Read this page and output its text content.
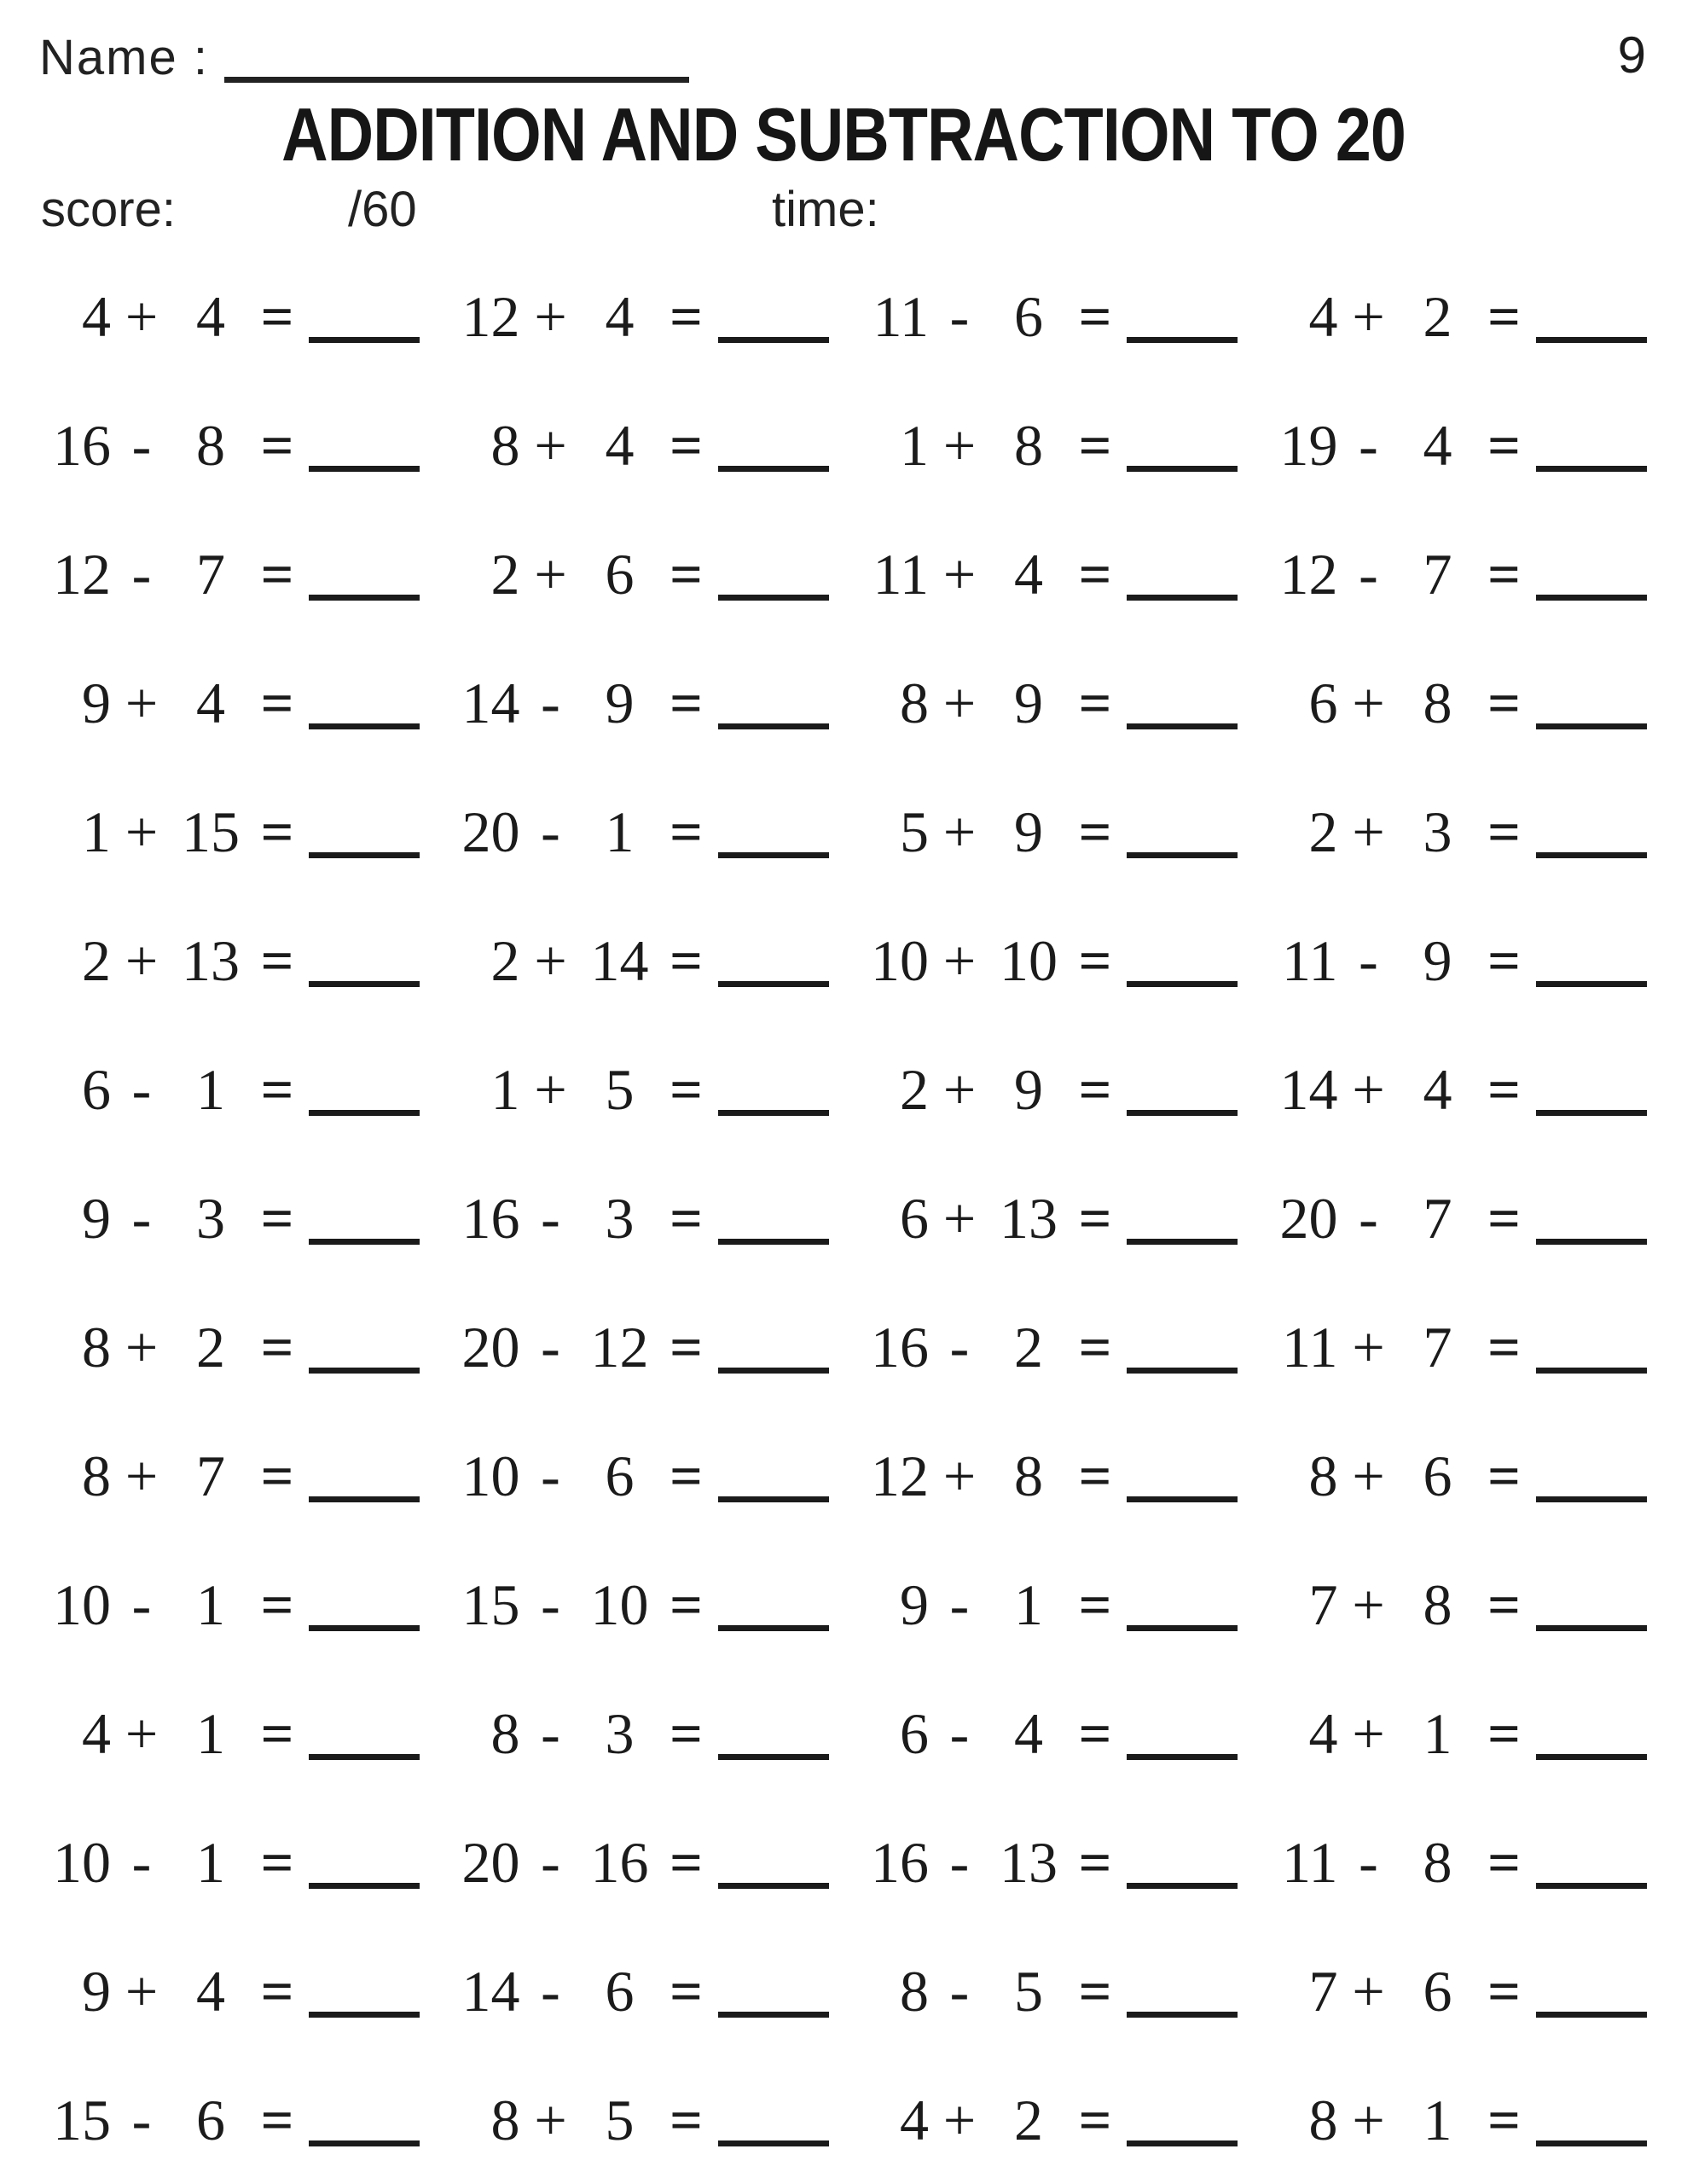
Name :	9
ADDITION AND SUBTRACTION TO 20
score:	/60	time:
4 + 4 =	12 + 4 =	11 - 6 =	4 + 2 =
16 - 8 =	8 + 4 =	1 + 8 =	19 - 4 =
12 - 7 =	2 + 6 =	11 + 4 =	12 - 7 =
9 + 4 =	14 - 9 =	8 + 9 =	6 + 8 =
1 + 15 =	20 - 1 =	5 + 9 =	2 + 3 =
2 + 13 =	2 + 14 =	10 + 10 =	11 - 9 =
6 - 1 =	1 + 5 =	2 + 9 =	14 + 4 =
9 - 3 =	16 - 3 =	6 + 13 =	20 - 7 =
8 + 2 =	20 - 12 =	16 - 2 =	11 + 7 =
8 + 7 =	10 - 6 =	12 + 8 =	8 + 6 =
10 - 1 =	15 - 10 =	9 - 1 =	7 + 8 =
4 + 1 =	8 - 3 =	6 - 4 =	4 + 1 =
10 - 1 =	20 - 16 =	16 - 13 =	11 - 8 =
9 + 4 =	14 - 6 =	8 - 5 =	7 + 6 =
15 - 6 =	8 + 5 =	4 + 2 =	8 + 1 =
